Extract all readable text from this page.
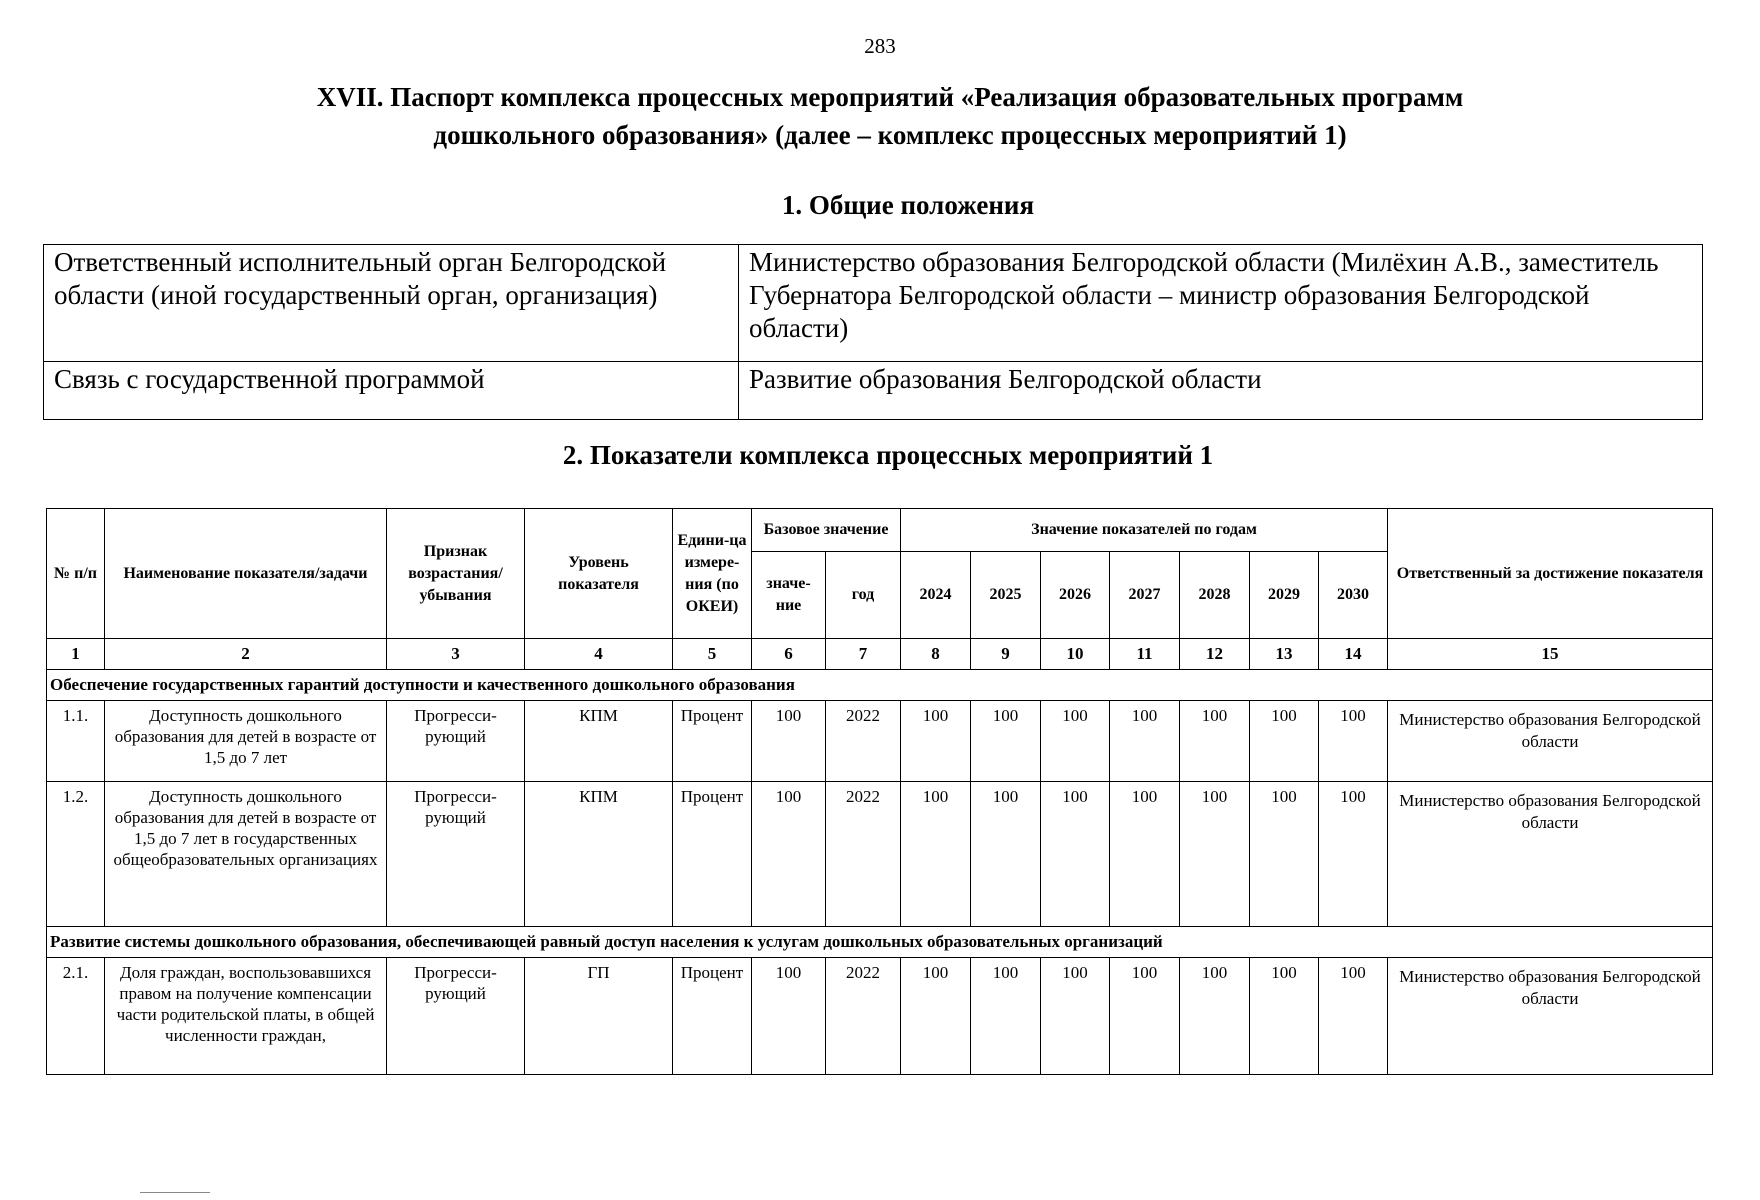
283
XVII. Паспорт комплекса процессных мероприятий «Реализация образовательных программ
дошкольного образования» (далее – комплекс процессных мероприятий 1)
1. Общие положения
Ответственный исполнительный орган Белгородской области (иной государственный орган, организация)	Министерство образования Белгородской области (Милёхин А.В., заместитель Губернатора Белгородской области – министр образования Белгородской области)
Связь с государственной программой	Развитие образования Белгородской области
2. Показатели комплекса процессных мероприятий 1
№ п/п	Наименование показателя/задачи	Признак возрастания/ убывания	Уровень показателя	Едини-ца измере-ния (по ОКЕИ)	Базовое значение		Значение показателей по годам							Ответственный за достижение показателя
					значе-ние	год	2024	2025	2026	2027	2028	2029	2030	
1	2	3	4	5	6	7	8	9	10	11	12	13	14	15
Обеспечение государственных гарантий доступности и качественного дошкольного образования														
1.1.	Доступность дошкольного образования для детей в возрасте от 1,5 до 7 лет	Прогресси-рующий	КПМ	Процент	100	2022	100	100	100	100	100	100	100	Министерство образования Белгородской области
1.2.	Доступность дошкольного образования для детей в возрасте от 1,5 до 7 лет в государственных общеобразовательных организациях	Прогресси-рующий	КПМ	Процент	100	2022	100	100	100	100	100	100	100	Министерство образования Белгородской области
Развитие системы дошкольного образования, обеспечивающей равный доступ населения к услугам дошкольных образовательных организаций														
2.1.	Доля граждан, воспользовавшихся правом на получение компенсации части родительской платы, в общей численности граждан,	Прогресси-рующий	ГП	Процент	100	2022	100	100	100	100	100	100	100	Министерство образования Белгородской области
